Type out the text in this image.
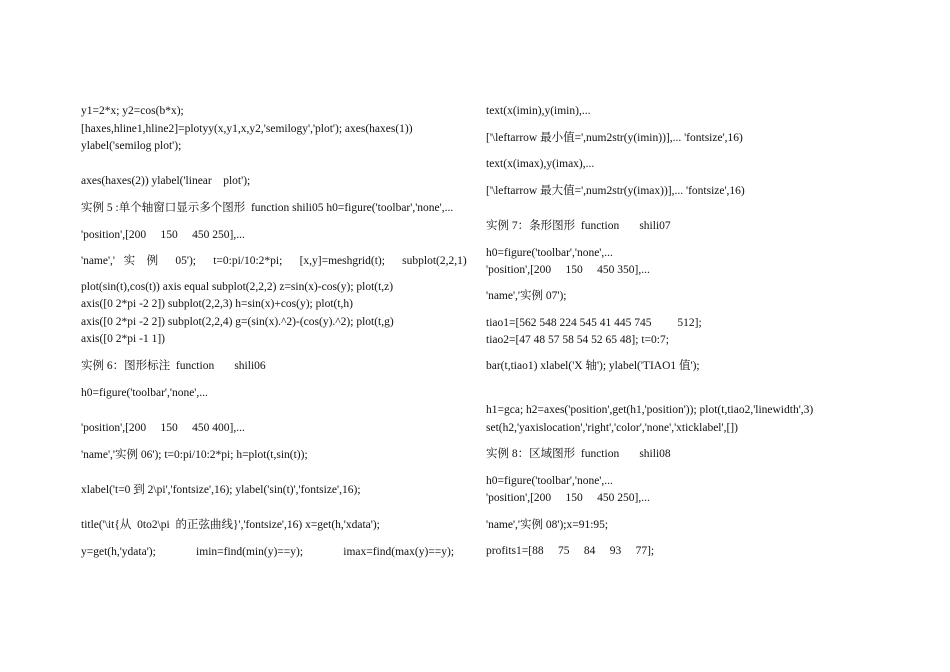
y1=2*x; y2=cos(b*x);
[haxes,hline1,hline2]=plotyy(x,y1,x,y2,'semilogy','plot'); axes(haxes(1))
ylabel('semilog plot');
axes(haxes(2)) ylabel('linear    plot');
实例 5 :单个轴窗口显示多个图形  function shili05 h0=figure('toolbar','none',...
'position',[200     150     450 250],...
'name','   实    例      05');      t=0:pi/10:2*pi;      [x,y]=meshgrid(t);      subplot(2,2,1)
plot(sin(t),cos(t)) axis equal subplot(2,2,2) z=sin(x)-cos(y); plot(t,z)
axis([0 2*pi -2 2]) subplot(2,2,3) h=sin(x)+cos(y); plot(t,h)
axis([0 2*pi -2 2]) subplot(2,2,4) g=(sin(x).^2)-(cos(y).^2); plot(t,g)
axis([0 2*pi -1 1])
实例 6：图形标注  function       shili06
h0=figure('toolbar','none',...
'position',[200     150     450 400],...
'name','实例 06'); t=0:pi/10:2*pi; h=plot(t,sin(t));
xlabel('t=0 到 2\pi','fontsize',16); ylabel('sin(t)','fontsize',16);
title('\it{从  0to2\pi  的正弦曲线}','fontsize',16) x=get(h,'xdata');
y=get(h,'ydata');              imin=find(min(y)==y);              imax=find(max(y)==y);
text(x(imin),y(imin),...
['\leftarrow 最小值=',num2str(y(imin))],... 'fontsize',16)
text(x(imax),y(imax),...
['\leftarrow 最大值=',num2str(y(imax))],... 'fontsize',16)
实例 7：条形图形  function       shili07
h0=figure('toolbar','none',...
'position',[200     150     450 350],...
'name','实例 07');
tiao1=[562 548 224 545 41 445 745         512];
tiao2=[47 48 57 58 54 52 65 48]; t=0:7;
bar(t,tiao1) xlabel('X 轴'); ylabel('TIAO1 值');
h1=gca; h2=axes('position',get(h1,'position')); plot(t,tiao2,'linewidth',3)
set(h2,'yaxislocation','right','color','none','xticklabel',[])
实例 8：区域图形  function       shili08
h0=figure('toolbar','none',...
'position',[200     150     450 250],...
'name','实例 08');x=91:95;
profits1=[88     75     84     93     77];
